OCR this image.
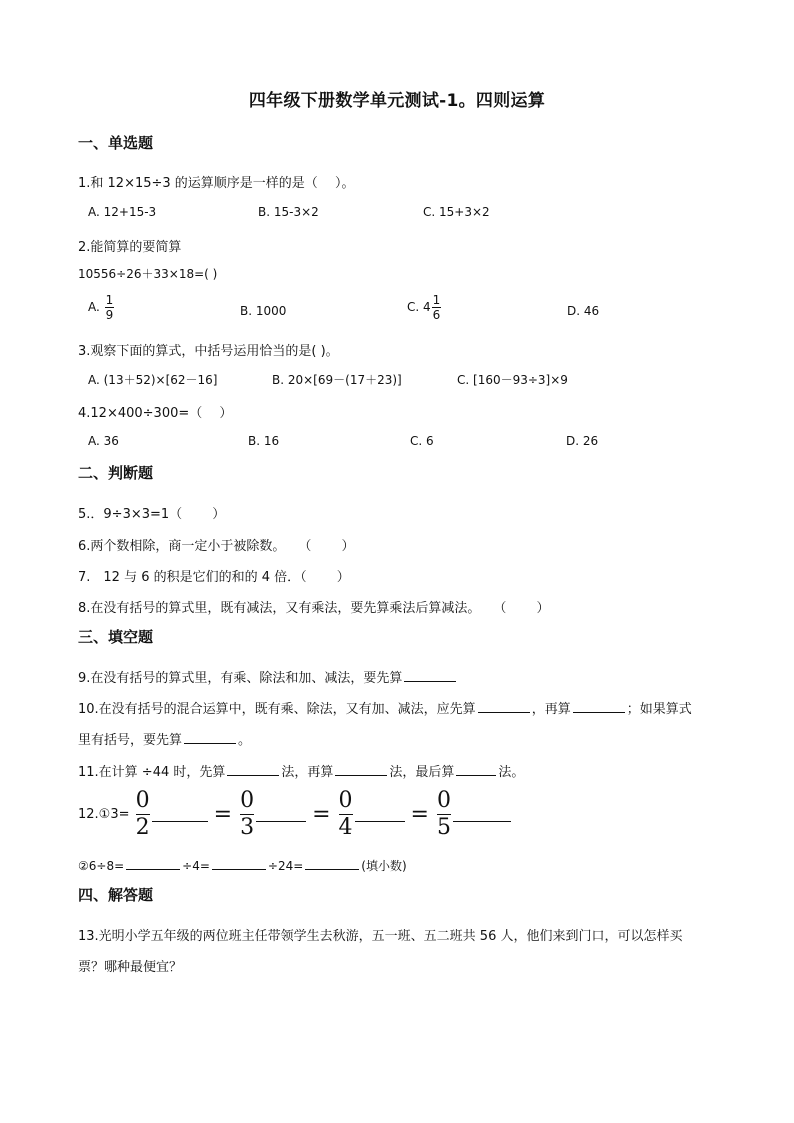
四年级下册数学单元测试-1。四则运算
一、单选题
1.和 12×15÷3 的运算顺序是一样的是（　 ）。
A. 12+15-3	B. 15-3×2	C. 15+3×2
2.能简算的要简算
10556÷26＋33×18=( )
A. $\frac{1}{9}$	B. 1000	C. $4 \frac{1}{6}$	D. 46
3.观察下面的算式，中括号运用恰当的是( )。
A. (13＋52)×[62－16]	B. 20×[69－(17＋23)]	C. [160－93÷3]×9
4.12×400÷300=（　 ）
A. 36	B. 16	C. 6	D. 26
二、判断题
5.．9÷3×3=1（　　 ）
6.两个数相除，商一定小于被除数。　　（　　 ）
7.　12 与 6 的积是它们的和的 4 倍．（　　 ）
8.在没有括号的算式里，既有减法，又有乘法，要先算乘法后算减法。　　（　　 ）
三、填空题
9.在没有括号的算式里，有乘、除法和加、减法，要先算
10.在没有括号的混合运算中，既有乘、除法，又有加、减法，应先算	，再算	；如果算式
里有括号，要先算	。
11.在计算 ÷44 时，先算	法，再算	法，最后算	法。
12.①3= $\frac{0}{2}$	= $\frac{0}{3}$	= $\frac{0}{4}$	= $\frac{0}{5}$
②6÷8=	÷4=	÷24=	(填小数)
四、解答题
13.光明小学五年级的两位班主任带领学生去秋游，五一班、五二班共 56 人，他们来到门口，可以怎样买
票？哪种最便宜？
